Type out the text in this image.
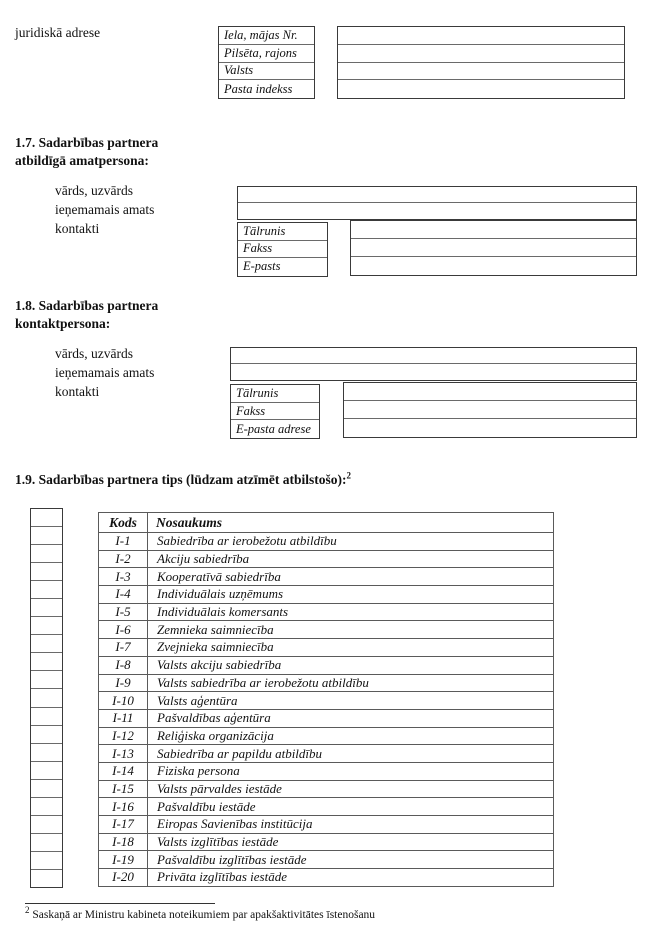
juridiskā adrese	Iela, mājas Nr.
Pilsēta, rajons
Valsts
Pasta indekss
1.7. Sadarbības partnera
atbildīgā amatpersona:
vārds, uzvārds
ieņemamais amats
kontakti	Tālrunis
Fakss
E-pasts
1.8. Sadarbības partnera
kontaktpersona:
vārds, uzvārds
ieņemamais amats
kontakti	Tālrunis
Fakss
E-pasta adrese
1.9. Sadarbības partnera tips (lūdzam atzīmēt atbilstošo):$^2$
Kods	Nosaukums
I-1	Sabiedrība ar ierobežotu atbildību
I-2	Akciju sabiedrība
I-3	Kooperatīvā sabiedrība
I-4	Individuālais uzņēmums
I-5	Individuālais komersants
I-6	Zemnieka saimniecība
I-7	Zvejnieka saimniecība
I-8	Valsts akciju sabiedrība
I-9	Valsts sabiedrība ar ierobežotu atbildību
I-10	Valsts aģentūra
I-11	Pašvaldības aģentūra
I-12	Reliģiska organizācija
I-13	Sabiedrība ar papildu atbildību
I-14	Fiziska persona
I-15	Valsts pārvaldes iestāde
I-16	Pašvaldību iestāde
I-17	Eiropas Savienības institūcija
I-18	Valsts izglītības iestāde
I-19	Pašvaldību izglītības iestāde
I-20	Privāta izglītības iestāde
$^2$ Saskaņā ar Ministru kabineta noteikumiem par apakšaktivitātes īstenošanu
